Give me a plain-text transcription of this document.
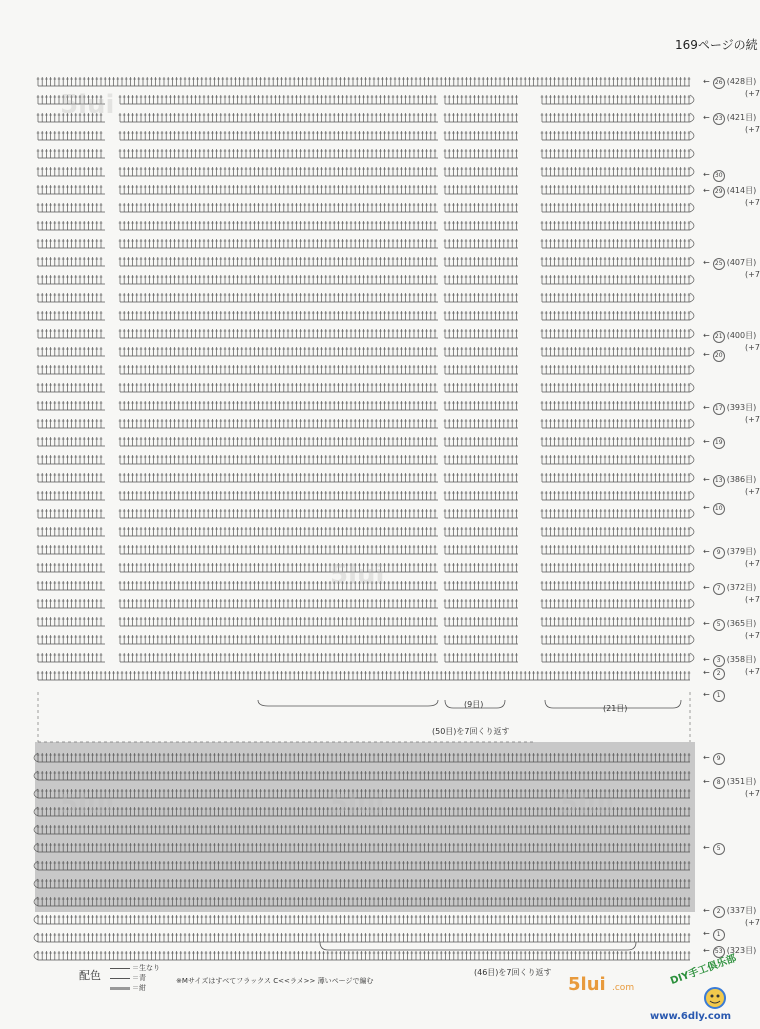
169ページの続
5lui
5lui
5lui	5lui	5lui
← 26 (428目)
(+7
← 23 (421目)
(+7
← 30
← 29 (414目)
(+7
← 25 (407目)
(+7
← 21 (400目)
(+7
← 20
← 17 (393目)
(+7
← 19
← 13 (386目)
(+7
← 10
← 9 (379目)
(+7
← 7 (372目)
(+7
← 5 (365目)
(+7
← 3 (358目)
(+7
← 2
← 1
← 9
← 8 (351目)
(+7
← 5
← 2 (337目)
(+7
← 1
← 53 (323目)
(9目)	(21目)
(50目)を7回くり返す
(46目)を7回くり返す
配色
＝生なり
＝青
＝紺
※Mサイズはすべてフラックス C<<ラメ>> 薄いページで編む	5lui .com
DIY手工俱乐部
www.6dly.com
